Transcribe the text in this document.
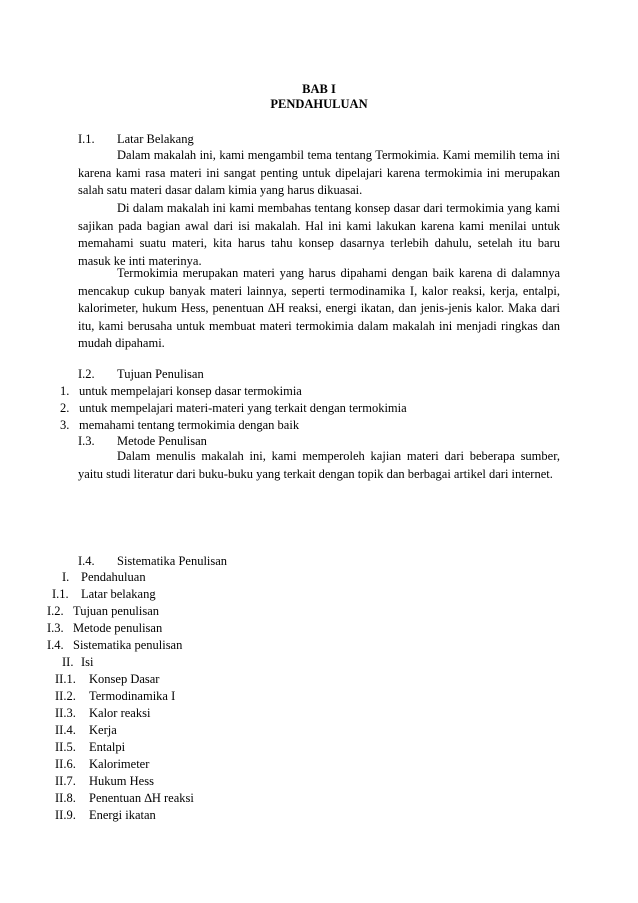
BAB I
PENDAHULUAN
I.1. Latar Belakang

Dalam makalah ini, kami mengambil tema tentang Termokimia. Kami memilih tema ini karena kami rasa materi ini sangat penting untuk dipelajari karena termokimia ini merupakan salah satu materi dasar dalam kimia yang harus dikuasai.

Di dalam makalah ini kami membahas tentang konsep dasar dari termokimia yang kami sajikan pada bagian awal dari isi makalah. Hal ini kami lakukan karena kami menilai untuk memahami suatu materi, kita harus tahu konsep dasarnya terlebih dahulu, setelah itu baru masuk ke inti materinya.

Termokimia merupakan materi yang harus dipahami dengan baik karena di dalamnya mencakup cukup banyak materi lainnya, seperti termodinamika I, kalor reaksi, kerja, entalpi, kalorimeter, hukum Hess, penentuan ∆H reaksi, energi ikatan, dan jenis-jenis kalor. Maka dari itu, kami berusaha untuk membuat materi termokimia dalam makalah ini menjadi ringkas dan mudah dipahami.

I.2. Tujuan Penulisan
1. untuk mempelajari konsep dasar termokimia
2. untuk mempelajari materi-materi yang terkait dengan termokimia
3. memahami tentang termokimia dengan baik
I.3. Metode Penulisan

Dalam menulis makalah ini, kami memperoleh kajian materi dari beberapa sumber, yaitu studi literatur dari buku-buku yang terkait dengan topik dan berbagai artikel dari internet.

I.4. Sistematika Penulisan
I. Pendahuluan
I.1. Latar belakang
I.2. Tujuan penulisan
I.3. Metode penulisan
I.4. Sistematika penulisan
II. Isi
II.1. Konsep Dasar
II.2. Termodinamika I
II.3. Kalor reaksi
II.4. Kerja
II.5. Entalpi
II.6. Kalorimeter
II.7. Hukum Hess
II.8. Penentuan ∆H reaksi
II.9. Energi ikatan
